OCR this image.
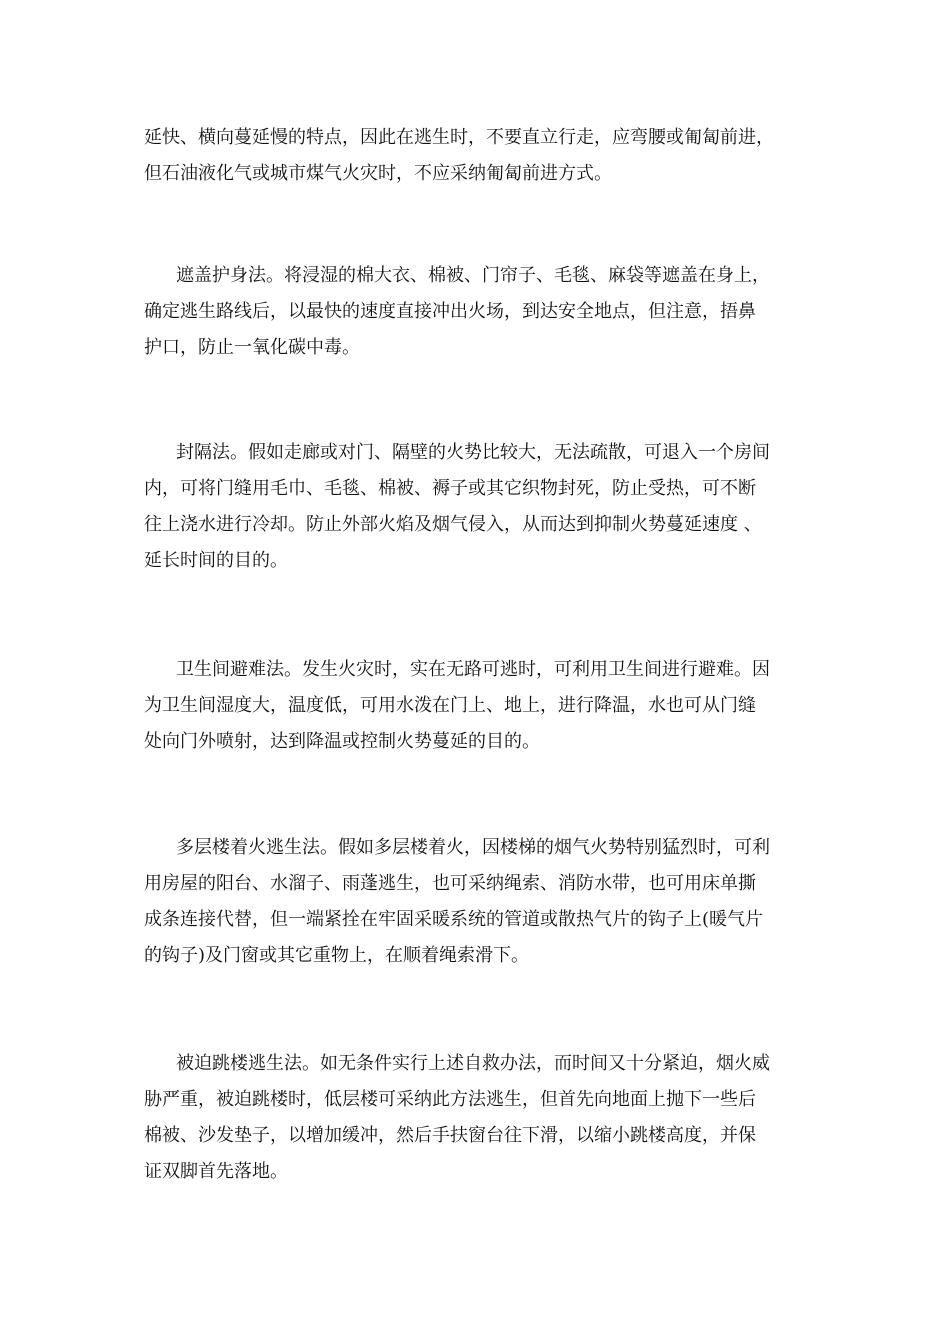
延快、横向蔓延慢的特点，因此在逃生时，不要直立行走，应弯腰或匍匐前进，
但石油液化气或城市煤气火灾时，不应采纳匍匐前进方式。
遮盖护身法。将浸湿的棉大衣、棉被、门帘子、毛毯、麻袋等遮盖在身上，
确定逃生路线后，以最快的速度直接冲出火场，到达安全地点，但注意，捂鼻
护口，防止一氧化碳中毒。
封隔法。假如走廊或对门、隔壁的火势比较大，无法疏散，可退入一个房间
内，可将门缝用毛巾、毛毯、棉被、褥子或其它织物封死，防止受热，可不断
往上浇水进行冷却。防止外部火焰及烟气侵入，从而达到抑制火势蔓延速度 、
延长时间的目的。
卫生间避难法。发生火灾时，实在无路可逃时，可利用卫生间进行避难。因
为卫生间湿度大，温度低，可用水泼在门上、地上，进行降温，水也可从门缝
处向门外喷射，达到降温或控制火势蔓延的目的。
多层楼着火逃生法。假如多层楼着火，因楼梯的烟气火势特别猛烈时，可利
用房屋的阳台、水溜子、雨蓬逃生，也可采纳绳索、消防水带，也可用床单撕
成条连接代替，但一端紧拴在牢固采暖系统的管道或散热气片的钩子上(暖气片
的钩子)及门窗或其它重物上，在顺着绳索滑下。
被迫跳楼逃生法。如无条件实行上述自救办法，而时间又十分紧迫，烟火威
胁严重，被迫跳楼时，低层楼可采纳此方法逃生，但首先向地面上抛下一些后
棉被、沙发垫子，以增加缓冲，然后手扶窗台往下滑，以缩小跳楼高度，并保
证双脚首先落地。
